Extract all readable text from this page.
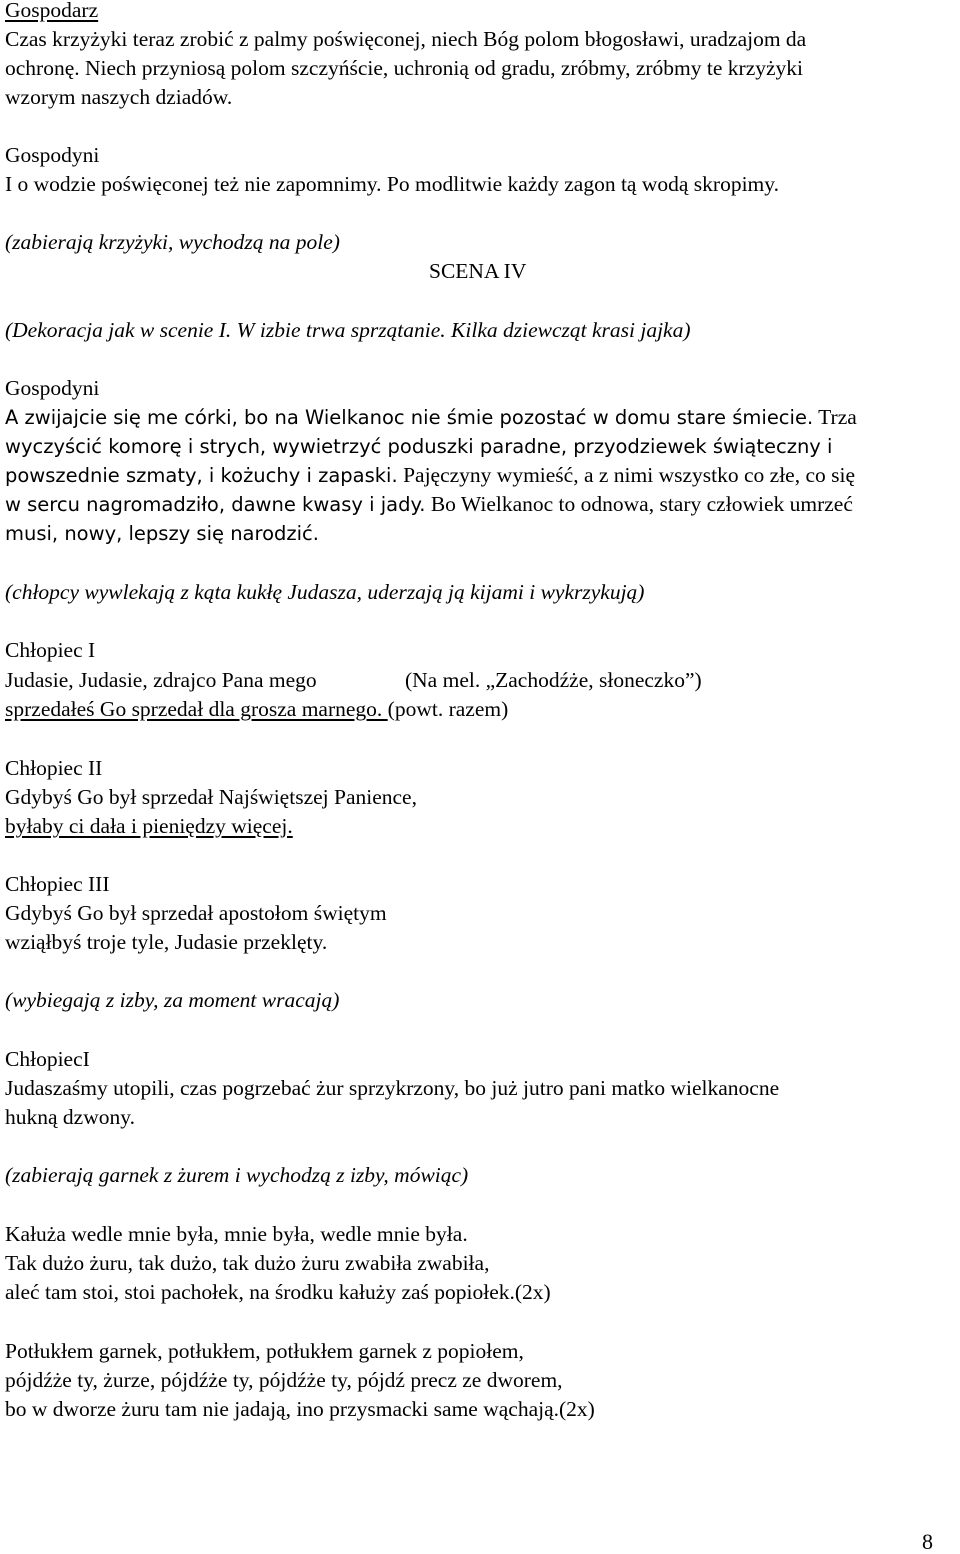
Gospodarz
Czas krzyżyki teraz zrobić z palmy poświęconej, niech Bóg polom błogosławi, uradzajom da
ochronę. Niech przyniosą polom szczyńście, uchronią od gradu, zróbmy, zróbmy te krzyżyki
wzorym naszych dziadów.
Gospodyni
I o wodzie poświęconej też nie zapomnimy. Po modlitwie każdy zagon tą wodą skropimy.
(zabierają krzyżyki, wychodzą na pole)
SCENA IV
(Dekoracja jak w scenie I. W izbie trwa sprzątanie. Kilka dziewcząt krasi jajka)
Gospodyni
A zwijajcie się me córki, bo na Wielkanoc nie śmie pozostać w domu stare śmiecie. Trza
wyczyścić komorę i strych, wywietrzyć poduszki paradne, przyodziewek świąteczny i
powszednie szmaty, i kożuchy i zapaski. Pajęczyny wymieść, a z nimi wszystko co złe, co się
w sercu nagromadziło, dawne kwasy i jady. Bo Wielkanoc to odnowa, stary człowiek umrzeć
musi, nowy, lepszy się narodzić.
(chłopcy wywlekają z kąta kukłę Judasza, uderzają ją kijami i wykrzykują)
Chłopiec I
Judasie, Judasie, zdrajco Pana mego	(Na mel. „Zachodźże, słoneczko”)
sprzedałeś Go sprzedał dla grosza marnego. (powt. razem)
Chłopiec II
Gdybyś Go był sprzedał Najświętszej Panience,
byłaby ci dała i pieniędzy więcej.
Chłopiec III
Gdybyś Go był sprzedał apostołom świętym
wziąłbyś troje tyle, Judasie przeklęty.
(wybiegają z izby, za moment wracają)
ChłopiecI
Judaszaśmy utopili, czas pogrzebać żur sprzykrzony, bo już jutro pani matko wielkanocne
hukną dzwony.
(zabierają garnek z żurem i wychodzą z izby, mówiąc)
Kałuża wedle mnie była, mnie była, wedle mnie była.
Tak dużo żuru, tak dużo, tak dużo żuru zwabiła zwabiła,
aleć tam stoi, stoi pachołek, na środku kałuży zaś popiołek.(2x)
Potłukłem garnek, potłukłem, potłukłem garnek z popiołem,
pójdźże ty, żurze, pójdźże ty, pójdźże ty, pójdź precz ze dworem,
bo w dworze żuru tam nie jadają, ino przysmacki same wąchają.(2x)
8
